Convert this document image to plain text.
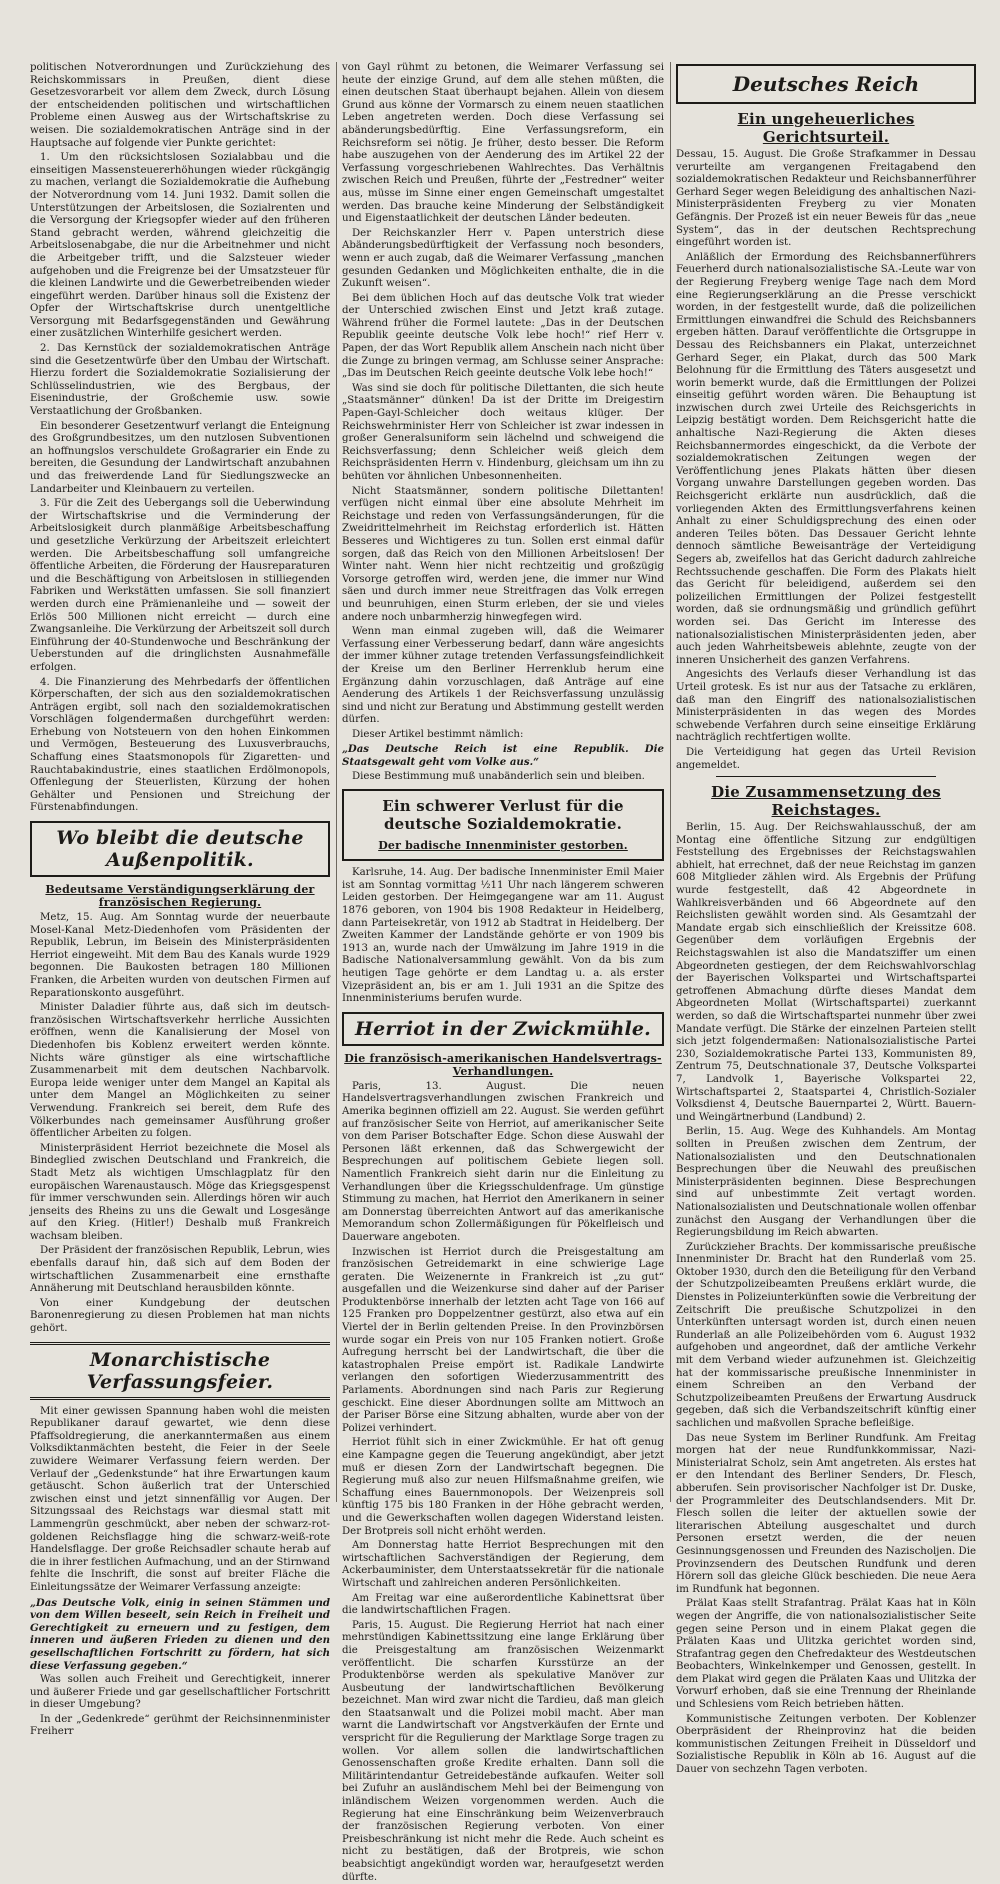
politischen Notverordnungen und Zurückziehung des Reichskommissars in Preußen, dient diese Gesetzesvorarbeit vor allem dem Zweck, durch Lösung der entscheidenden politischen und wirtschaftlichen Probleme einen Ausweg aus der Wirtschaftskrise zu weisen. Die sozialdemokratischen Anträge sind in der Hauptsache auf folgende vier Punkte gerichtet:

1. Um den rücksichtslosen Sozialabbau und die einseitigen Massensteuererhöhungen wieder rückgängig zu machen, verlangt die Sozialdemokratie die Aufhebung der Notverordnung vom 14. Juni 1932. Damit sollen die Unterstützungen der Arbeitslosen, die Sozialrenten und die Versorgung der Kriegsopfer wieder auf den früheren Stand gebracht werden, während gleichzeitig die Arbeitslosenabgabe, die nur die Arbeitnehmer und nicht die Arbeitgeber trifft, und die Salzsteuer wieder aufgehoben und die Freigrenze bei der Umsatzsteuer für die kleinen Landwirte und die Gewerbetreibenden wieder eingeführt werden. Darüber hinaus soll die Existenz der Opfer der Wirtschaftskrise durch unentgeltliche Versorgung mit Bedarfsgegenständen und Gewährung einer zusätzlichen Winterhilfe gesichert werden.

2. Das Kernstück der sozialdemokratischen Anträge sind die Gesetzentwürfe über den Umbau der Wirtschaft. Hierzu fordert die Sozialdemokratie Sozialisierung der Schlüsselindustrien, wie des Bergbaus, der Eisenindustrie, der Großchemie usw. sowie Verstaatlichung der Großbanken.

Ein besonderer Gesetzentwurf verlangt die Enteignung des Großgrundbesitzes, um den nutzlosen Subventionen an hoffnungslos verschuldete Großagrarier ein Ende zu bereiten, die Gesundung der Landwirtschaft anzubahnen und das freiwerdende Land für Siedlungszwecke an Landarbeiter und Kleinbauern zu verteilen.

3. Für die Zeit des Uebergangs soll die Ueberwindung der Wirtschaftskrise und die Verminderung der Arbeitslosigkeit durch planmäßige Arbeitsbeschaffung und gesetzliche Verkürzung der Arbeitszeit erleichtert werden. Die Arbeitsbeschaffung soll umfangreiche öffentliche Arbeiten, die Förderung der Hausreparaturen und die Beschäftigung von Arbeitslosen in stilliegenden Fabriken und Werkstätten umfassen. Sie soll finanziert werden durch eine Prämienanleihe und — soweit der Erlös 500 Millionen nicht erreicht — durch eine Zwangsanleihe. Die Verkürzung der Arbeitszeit soll durch Einführung der 40-Stundenwoche und Beschränkung der Ueberstunden auf die dringlichsten Ausnahmefälle erfolgen.

4. Die Finanzierung des Mehrbedarfs der öffentlichen Körperschaften, der sich aus den sozialdemokratischen Anträgen ergibt, soll nach den sozialdemokratischen Vorschlägen folgendermaßen durchgeführt werden: Erhebung von Notsteuern von den hohen Einkommen und Vermögen, Besteuerung des Luxusverbrauchs, Schaffung eines Staatsmonopols für Zigaretten- und Rauchtabakindustrie, eines staatlichen Erdölmonopols, Offenlegung der Steuerlisten, Kürzung der hohen Gehälter und Pensionen und Streichung der Fürstenabfindungen.

Wo bleibt die deutsche Außenpolitik.
Bedeutsame Verständigungserklärung der französischen Regierung.

Metz, 15. Aug. Am Sonntag wurde der neuerbaute Mosel-Kanal Metz-Diedenhofen vom Präsidenten der Republik, Lebrun, im Beisein des Ministerpräsidenten Herriot eingeweiht. Mit dem Bau des Kanals wurde 1929 begonnen. Die Baukosten betragen 180 Millionen Franken, die Arbeiten wurden von deutschen Firmen auf Reparationskonto ausgeführt.

Minister Daladier führte aus, daß sich im deutsch-französischen Wirtschaftsverkehr herrliche Aussichten eröffnen, wenn die Kanalisierung der Mosel von Diedenhofen bis Koblenz erweitert werden könnte. Nichts wäre günstiger als eine wirtschaftliche Zusammenarbeit mit dem deutschen Nachbarvolk. Europa leide weniger unter dem Mangel an Kapital als unter dem Mangel an Möglichkeiten zu seiner Verwendung. Frankreich sei bereit, dem Rufe des Völkerbundes nach gemeinsamer Ausführung großer öffentlicher Arbeiten zu folgen.

Ministerpräsident Herriot bezeichnete die Mosel als Bindeglied zwischen Deutschland und Frankreich, die Stadt Metz als wichtigen Umschlagplatz für den europäischen Warenaustausch. Möge das Kriegsgespenst für immer verschwunden sein. Allerdings hören wir auch jenseits des Rheins zu uns die Gewalt und Losgesänge auf den Krieg. (Hitler!) Deshalb muß Frankreich wachsam bleiben.

Der Präsident der französischen Republik, Lebrun, wies ebenfalls darauf hin, daß sich auf dem Boden der wirtschaftlichen Zusammenarbeit eine ernsthafte Annäherung mit Deutschland herausbilden könnte.

Von einer Kundgebung der deutschen Baronenregierung zu diesen Problemen hat man nichts gehört.

Monarchistische Verfassungsfeier.

Mit einer gewissen Spannung haben wohl die meisten Republikaner darauf gewartet, wie denn diese Pfaffsoldregierung, die anerkanntermaßen aus einem Volksdiktanmächten besteht, die Feier in der Seele zuwidere Weimarer Verfassung feiern werden. Der Verlauf der „Gedenkstunde“ hat ihre Erwartungen kaum getäuscht. Schon äußerlich trat der Unterschied zwischen einst und jetzt sinnenfällig vor Augen. Der Sitzungssaal des Reichstags war diesmal statt mit Lammengrün geschmückt, aber neben der schwarz-rot-goldenen Reichsflagge hing die schwarz-weiß-rote Handelsflagge. Der große Reichsadler schaute herab auf die in ihrer festlichen Aufmachung, und an der Stirnwand fehlte die Inschrift, die sonst auf breiter Fläche die Einleitungssätze der Weimarer Verfassung anzeigte:

„Das Deutsche Volk, einig in seinen Stämmen und von dem Willen beseelt, sein Reich in Freiheit und Gerechtigkeit zu erneuern und zu festigen, dem inneren und äußeren Frieden zu dienen und den gesellschaftlichen Fortschritt zu fördern, hat sich diese Verfassung gegeben.“

Was sollen auch Freiheit und Gerechtigkeit, innerer und äußerer Friede und gar gesellschaftlicher Fortschritt in dieser Umgebung?

In der „Gedenkrede“ gerühmt der Reichsinnenminister Freiherr

von Gayl rühmt zu betonen, die Weimarer Verfassung sei heute der einzige Grund, auf dem alle stehen müßten, die einen deutschen Staat überhaupt bejahen. Allein von diesem Grund aus könne der Vormarsch zu einem neuen staatlichen Leben angetreten werden. Doch diese Verfassung sei abänderungsbedürftig. Eine Verfassungsreform, ein Reichsreform sei nötig. Je früher, desto besser. Die Reform habe auszugehen von der Aenderung des im Artikel 22 der Verfassung vorgeschriebenen Wahlrechtes. Das Verhältnis zwischen Reich und Preußen, führte der „Festredner“ weiter aus, müsse im Sinne einer engen Gemeinschaft umgestaltet werden. Das brauche keine Minderung der Selbständigkeit und Eigenstaatlichkeit der deutschen Länder bedeuten.

Der Reichskanzler Herr v. Papen unterstrich diese Abänderungsbedürftigkeit der Verfassung noch besonders, wenn er auch zugab, daß die Weimarer Verfassung „manchen gesunden Gedanken und Möglichkeiten enthalte, die in die Zukunft weisen“.

Bei dem üblichen Hoch auf das deutsche Volk trat wieder der Unterschied zwischen Einst und Jetzt kraß zutage. Während früher die Formel lautete: „Das in der Deutschen Republik geeinte deutsche Volk lebe hoch!“ rief Herr v. Papen, der das Wort Republik allem Anschein nach nicht über die Zunge zu bringen vermag, am Schlusse seiner Ansprache: „Das im Deutschen Reich geeinte deutsche Volk lebe hoch!“

Was sind sie doch für politische Dilettanten, die sich heute „Staatsmänner“ dünken! Da ist der Dritte im Dreigestirn Papen-Gayl-Schleicher doch weitaus klüger. Der Reichswehrminister Herr von Schleicher ist zwar indessen in großer Generalsuniform sein lächelnd und schweigend die Reichsverfassung; denn Schleicher weiß gleich dem Reichspräsidenten Herrn v. Hindenburg, gleichsam um ihn zu behüten vor ähnlichen Unbesonnenheiten.

Nicht Staatsmänner, sondern politische Dilettanten! verfügen nicht einmal über eine absolute Mehrheit im Reichstage und reden von Verfassungsänderungen, für die Zweidrittelmehrheit im Reichstag erforderlich ist. Hätten Besseres und Wichtigeres zu tun. Sollen erst einmal dafür sorgen, daß das Reich von den Millionen Arbeitslosen! Der Winter naht. Wenn hier nicht rechtzeitig und großzügig Vorsorge getroffen wird, werden jene, die immer nur Wind säen und durch immer neue Streitfragen das Volk erregen und beunruhigen, einen Sturm erleben, der sie und vieles andere noch unbarmherzig hinwegfegen wird.

Wenn man einmal zugeben will, daß die Weimarer Verfassung einer Verbesserung bedarf, dann wäre angesichts der immer kühner zutage tretenden Verfassungsfeindlichkeit der Kreise um den Berliner Herrenklub herum eine Ergänzung dahin vorzuschlagen, daß Anträge auf eine Aenderung des Artikels 1 der Reichsverfassung unzulässig sind und nicht zur Beratung und Abstimmung gestellt werden dürfen.

Dieser Artikel bestimmt nämlich:

„Das Deutsche Reich ist eine Republik. Die Staatsgewalt geht vom Volke aus.“

Diese Bestimmung muß unabänderlich sein und bleiben.

Ein schwerer Verlust für die deutsche Sozialdemokratie.
Der badische Innenminister gestorben.

Karlsruhe, 14. Aug. Der badische Innenminister Emil Maier ist am Sonntag vormittag ½11 Uhr nach längerem schweren Leiden gestorben. Der Heimgegangene war am 11. August 1876 geboren, von 1904 bis 1908 Redakteur in Heidelberg, dann Parteisekretär, von 1912 ab Stadtrat in Heidelberg. Der Zweiten Kammer der Landstände gehörte er von 1909 bis 1913 an, wurde nach der Umwälzung im Jahre 1919 in die Badische Nationalversammlung gewählt. Von da bis zum heutigen Tage gehörte er dem Landtag u. a. als erster Vizepräsident an, bis er am 1. Juli 1931 an die Spitze des Innenministeriums berufen wurde.

Herriot in der Zwickmühle.
Die französisch-amerikanischen Handelsvertrags-Verhandlungen.

Paris, 13. August. Die neuen Handelsvertragsverhandlungen zwischen Frankreich und Amerika beginnen offiziell am 22. August. Sie werden geführt auf französischer Seite von Herriot, auf amerikanischer Seite von dem Pariser Botschafter Edge. Schon diese Auswahl der Personen läßt erkennen, daß das Schwergewicht der Besprechungen auf politischem Gebiete liegen soll. Namentlich Frankreich sieht darin nur die Einleitung zu Verhandlungen über die Kriegsschuldenfrage. Um günstige Stimmung zu machen, hat Herriot den Amerikanern in seiner am Donnerstag überreichten Antwort auf das amerikanische Memorandum schon Zollermäßigungen für Pökelfleisch und Dauerware angeboten.

Inzwischen ist Herriot durch die Preisgestaltung am französischen Getreidemarkt in eine schwierige Lage geraten. Die Weizenernte in Frankreich ist „zu gut“ ausgefallen und die Weizenkurse sind daher auf der Pariser Produktenbörse innerhalb der letzten acht Tage von 166 auf 125 Franken pro Doppelzentner gestürzt, also etwa auf ein Viertel der in Berlin geltenden Preise. In den Provinzbörsen wurde sogar ein Preis von nur 105 Franken notiert. Große Aufregung herrscht bei der Landwirtschaft, die über die katastrophalen Preise empört ist. Radikale Landwirte verlangen den sofortigen Wiederzusammentritt des Parlaments. Abordnungen sind nach Paris zur Regierung geschickt. Eine dieser Abordnungen sollte am Mittwoch an der Pariser Börse eine Sitzung abhalten, wurde aber von der Polizei verhindert.

Herriot fühlt sich in einer Zwickmühle. Er hat oft genug eine Kampagne gegen die Teuerung angekündigt, aber jetzt muß er diesen Zorn der Landwirtschaft begegnen. Die Regierung muß also zur neuen Hilfsmaßnahme greifen, wie Schaffung eines Bauernmonopols. Der Weizenpreis soll künftig 175 bis 180 Franken in der Höhe gebracht werden, und die Gewerkschaften wollen dagegen Widerstand leisten. Der Brotpreis soll nicht erhöht werden.

Am Donnerstag hatte Herriot Besprechungen mit den wirtschaftlichen Sachverständigen der Regierung, dem Ackerbauminister, dem Unterstaatssekretär für die nationale Wirtschaft und zahlreichen anderen Persönlichkeiten.

Am Freitag war eine außerordentliche Kabinettsrat über die landwirtschaftlichen Fragen.

Paris, 15. August. Die Regierung Herriot hat nach einer mehrstündigen Kabinettssitzung eine lange Erklärung über die Preisgestaltung am französischen Weizenmarkt veröffentlicht. Die scharfen Kursstürze an der Produktenbörse werden als spekulative Manöver zur Ausbeutung der landwirtschaftlichen Bevölkerung bezeichnet. Man wird zwar nicht die Tardieu, daß man gleich den Staatsanwalt und die Polizei mobil macht. Aber man warnt die Landwirtschaft vor Angstverkäufen der Ernte und verspricht für die Regulierung der Marktlage Sorge tragen zu wollen. Vor allem sollen die landwirtschaftlichen Genossenschaften große Kredite erhalten. Dann soll die Militärintendantur Getreidebestände aufkaufen. Weiter soll bei Zufuhr an ausländischem Mehl bei der Beimengung von inländischem Weizen vorgenommen werden. Auch die Regierung hat eine Einschränkung beim Weizenverbrauch der französischen Regierung verboten. Von einer Preisbeschränkung ist nicht mehr die Rede. Auch scheint es nicht zu bestätigen, daß der Brotpreis, wie schon beabsichtigt angekündigt worden war, heraufgesetzt werden dürfte.

Deutsches Reich
Ein ungeheuerliches Gerichtsurteil.

Dessau, 15. August. Die Große Strafkammer in Dessau verurteilte am vergangenen Freitagabend den sozialdemokratischen Redakteur und Reichsbannerführer Gerhard Seger wegen Beleidigung des anhaltischen Nazi-Ministerpräsidenten Freyberg zu vier Monaten Gefängnis. Der Prozeß ist ein neuer Beweis für das „neue System“, das in der deutschen Rechtsprechung eingeführt worden ist.

Anläßlich der Ermordung des Reichsbannerführers Feuerherd durch nationalsozialistische SA.-Leute war von der Regierung Freyberg wenige Tage nach dem Mord eine Regierungserklärung an die Presse verschickt worden, in der festgestellt wurde, daß die polizeilichen Ermittlungen einwandfrei die Schuld des Reichsbanners ergeben hätten. Darauf veröffentlichte die Ortsgruppe in Dessau des Reichsbanners ein Plakat, unterzeichnet Gerhard Seger, ein Plakat, durch das 500 Mark Belohnung für die Ermittlung des Täters ausgesetzt und worin bemerkt wurde, daß die Ermittlungen der Polizei einseitig geführt worden wären. Die Behauptung ist inzwischen durch zwei Urteile des Reichsgerichts in Leipzig bestätigt worden. Dem Reichsgericht hatte die anhaltische Nazi-Regierung die Akten dieses Reichsbannermordes eingeschickt, da die Verbote der sozialdemokratischen Zeitungen wegen der Veröffentlichung jenes Plakats hätten über diesen Vorgang unwahre Darstellungen gegeben worden. Das Reichsgericht erklärte nun ausdrücklich, daß die vorliegenden Akten des Ermittlungsverfahrens keinen Anhalt zu einer Schuldigsprechung des einen oder anderen Teiles böten. Das Dessauer Gericht lehnte dennoch sämtliche Beweisanträge der Verteidigung Segers ab, zweifellos hat das Gericht dadurch zahlreiche Rechtssuchende geschaffen. Die Form des Plakats hielt das Gericht für beleidigend, außerdem sei den polizeilichen Ermittlungen der Polizei festgestellt worden, daß sie ordnungsmäßig und gründlich geführt worden sei. Das Gericht im Interesse des nationalsozialistischen Ministerpräsidenten jeden, aber auch jeden Wahrheitsbeweis ablehnte, zeugte von der inneren Unsicherheit des ganzen Verfahrens.

Angesichts des Verlaufs dieser Verhandlung ist das Urteil grotesk. Es ist nur aus der Tatsache zu erklären, daß man den Eingriff des nationalsozialistischen Ministerpräsidenten in das wegen des Mordes schwebende Verfahren durch seine einseitige Erklärung nachträglich rechtfertigen wollte.

Die Verteidigung hat gegen das Urteil Revision angemeldet.

Die Zusammensetzung des Reichstages.

Berlin, 15. Aug. Der Reichswahlausschuß, der am Montag eine öffentliche Sitzung zur endgültigen Feststellung des Ergebnisses der Reichstagswahlen abhielt, hat errechnet, daß der neue Reichstag im ganzen 608 Mitglieder zählen wird. Als Ergebnis der Prüfung wurde festgestellt, daß 42 Abgeordnete in Wahlkreisverbänden und 66 Abgeordnete auf den Reichslisten gewählt worden sind. Als Gesamtzahl der Mandate ergab sich einschließlich der Kreissitze 608. Gegenüber dem vorläufigen Ergebnis der Reichstagswahlen ist also die Mandatsziffer um einen Abgeordneten gestiegen, der dem Reichswahlvorschlag der Bayerischen Volkspartei und Wirtschaftspartei getroffenen Abmachung dürfte dieses Mandat dem Abgeordneten Mollat (Wirtschaftspartei) zuerkannt werden, so daß die Wirtschaftspartei nunmehr über zwei Mandate verfügt. Die Stärke der einzelnen Parteien stellt sich jetzt folgendermaßen: Nationalsozialistische Partei 230, Sozialdemokratische Partei 133, Kommunisten 89, Zentrum 75, Deutschnationale 37, Deutsche Volkspartei 7, Landvolk 1, Bayerische Volkspartei 22, Wirtschaftspartei 2, Staatspartei 4, Christlich-Sozialer Volksdienst 4, Deutsche Bauernpartei 2, Württ. Bauern- und Weingärtnerbund (Landbund) 2.

Berlin, 15. Aug. Wege des Kuhhandels. Am Montag sollten in Preußen zwischen dem Zentrum, der Nationalsozialisten und den Deutschnationalen Besprechungen über die Neuwahl des preußischen Ministerpräsidenten beginnen. Diese Besprechungen sind auf unbestimmte Zeit vertagt worden. Nationalsozialisten und Deutschnationale wollen offenbar zunächst den Ausgang der Verhandlungen über die Regierungsbildung im Reich abwarten.

Zurückzieher Brachts. Der kommissarische preußische Innenminister Dr. Bracht hat den Runderlaß vom 25. Oktober 1930, durch den die Beteiligung für den Verband der Schutzpolizeibeamten Preußens erklärt wurde, die Dienstes in Polizeiunterkünften sowie die Verbreitung der Zeitschrift Die preußische Schutzpolizei in den Unterkünften untersagt worden ist, durch einen neuen Runderlaß an alle Polizeibehörden vom 6. August 1932 aufgehoben und angeordnet, daß der amtliche Verkehr mit dem Verband wieder aufzunehmen ist. Gleichzeitig hat der kommissarische preußische Innenminister in einem Schreiben an den Verband der Schutzpolizeibeamten Preußens der Erwartung Ausdruck gegeben, daß sich die Verbandszeitschrift künftig einer sachlichen und maßvollen Sprache befleißige.

Das neue System im Berliner Rundfunk. Am Freitag morgen hat der neue Rundfunkkommissar, Nazi-Ministerialrat Scholz, sein Amt angetreten. Als erstes hat er den Intendant des Berliner Senders, Dr. Flesch, abberufen. Sein provisorischer Nachfolger ist Dr. Duske, der Programmleiter des Deutschlandsenders. Mit Dr. Flesch sollen die leiter der aktuellen sowie der literarischen Abteilung ausgeschaltet und durch Personen ersetzt werden, die der neuen Gesinnungsgenossen und Freunden des Nazischoljen. Die Provinzsendern des Deutschen Rundfunk und deren Hörern soll das gleiche Glück beschieden. Die neue Aera im Rundfunk hat begonnen.

Prälat Kaas stellt Strafantrag. Prälat Kaas hat in Köln wegen der Angriffe, die von nationalsozialistischer Seite gegen seine Person und in einem Plakat gegen die Prälaten Kaas und Ulitzka gerichtet worden sind, Strafantrag gegen den Chefredakteur des Westdeutschen Beobachters, Winkelnkemper und Genossen, gestellt. In dem Plakat wird gegen die Prälaten Kaas und Ulitzka der Vorwurf erhoben, daß sie eine Trennung der Rheinlande und Schlesiens vom Reich betrieben hätten.

Kommunistische Zeitungen verboten. Der Koblenzer Oberpräsident der Rheinprovinz hat die beiden kommunistischen Zeitungen Freiheit in Düsseldorf und Sozialistische Republik in Köln ab 16. August auf die Dauer von sechzehn Tagen verboten.
